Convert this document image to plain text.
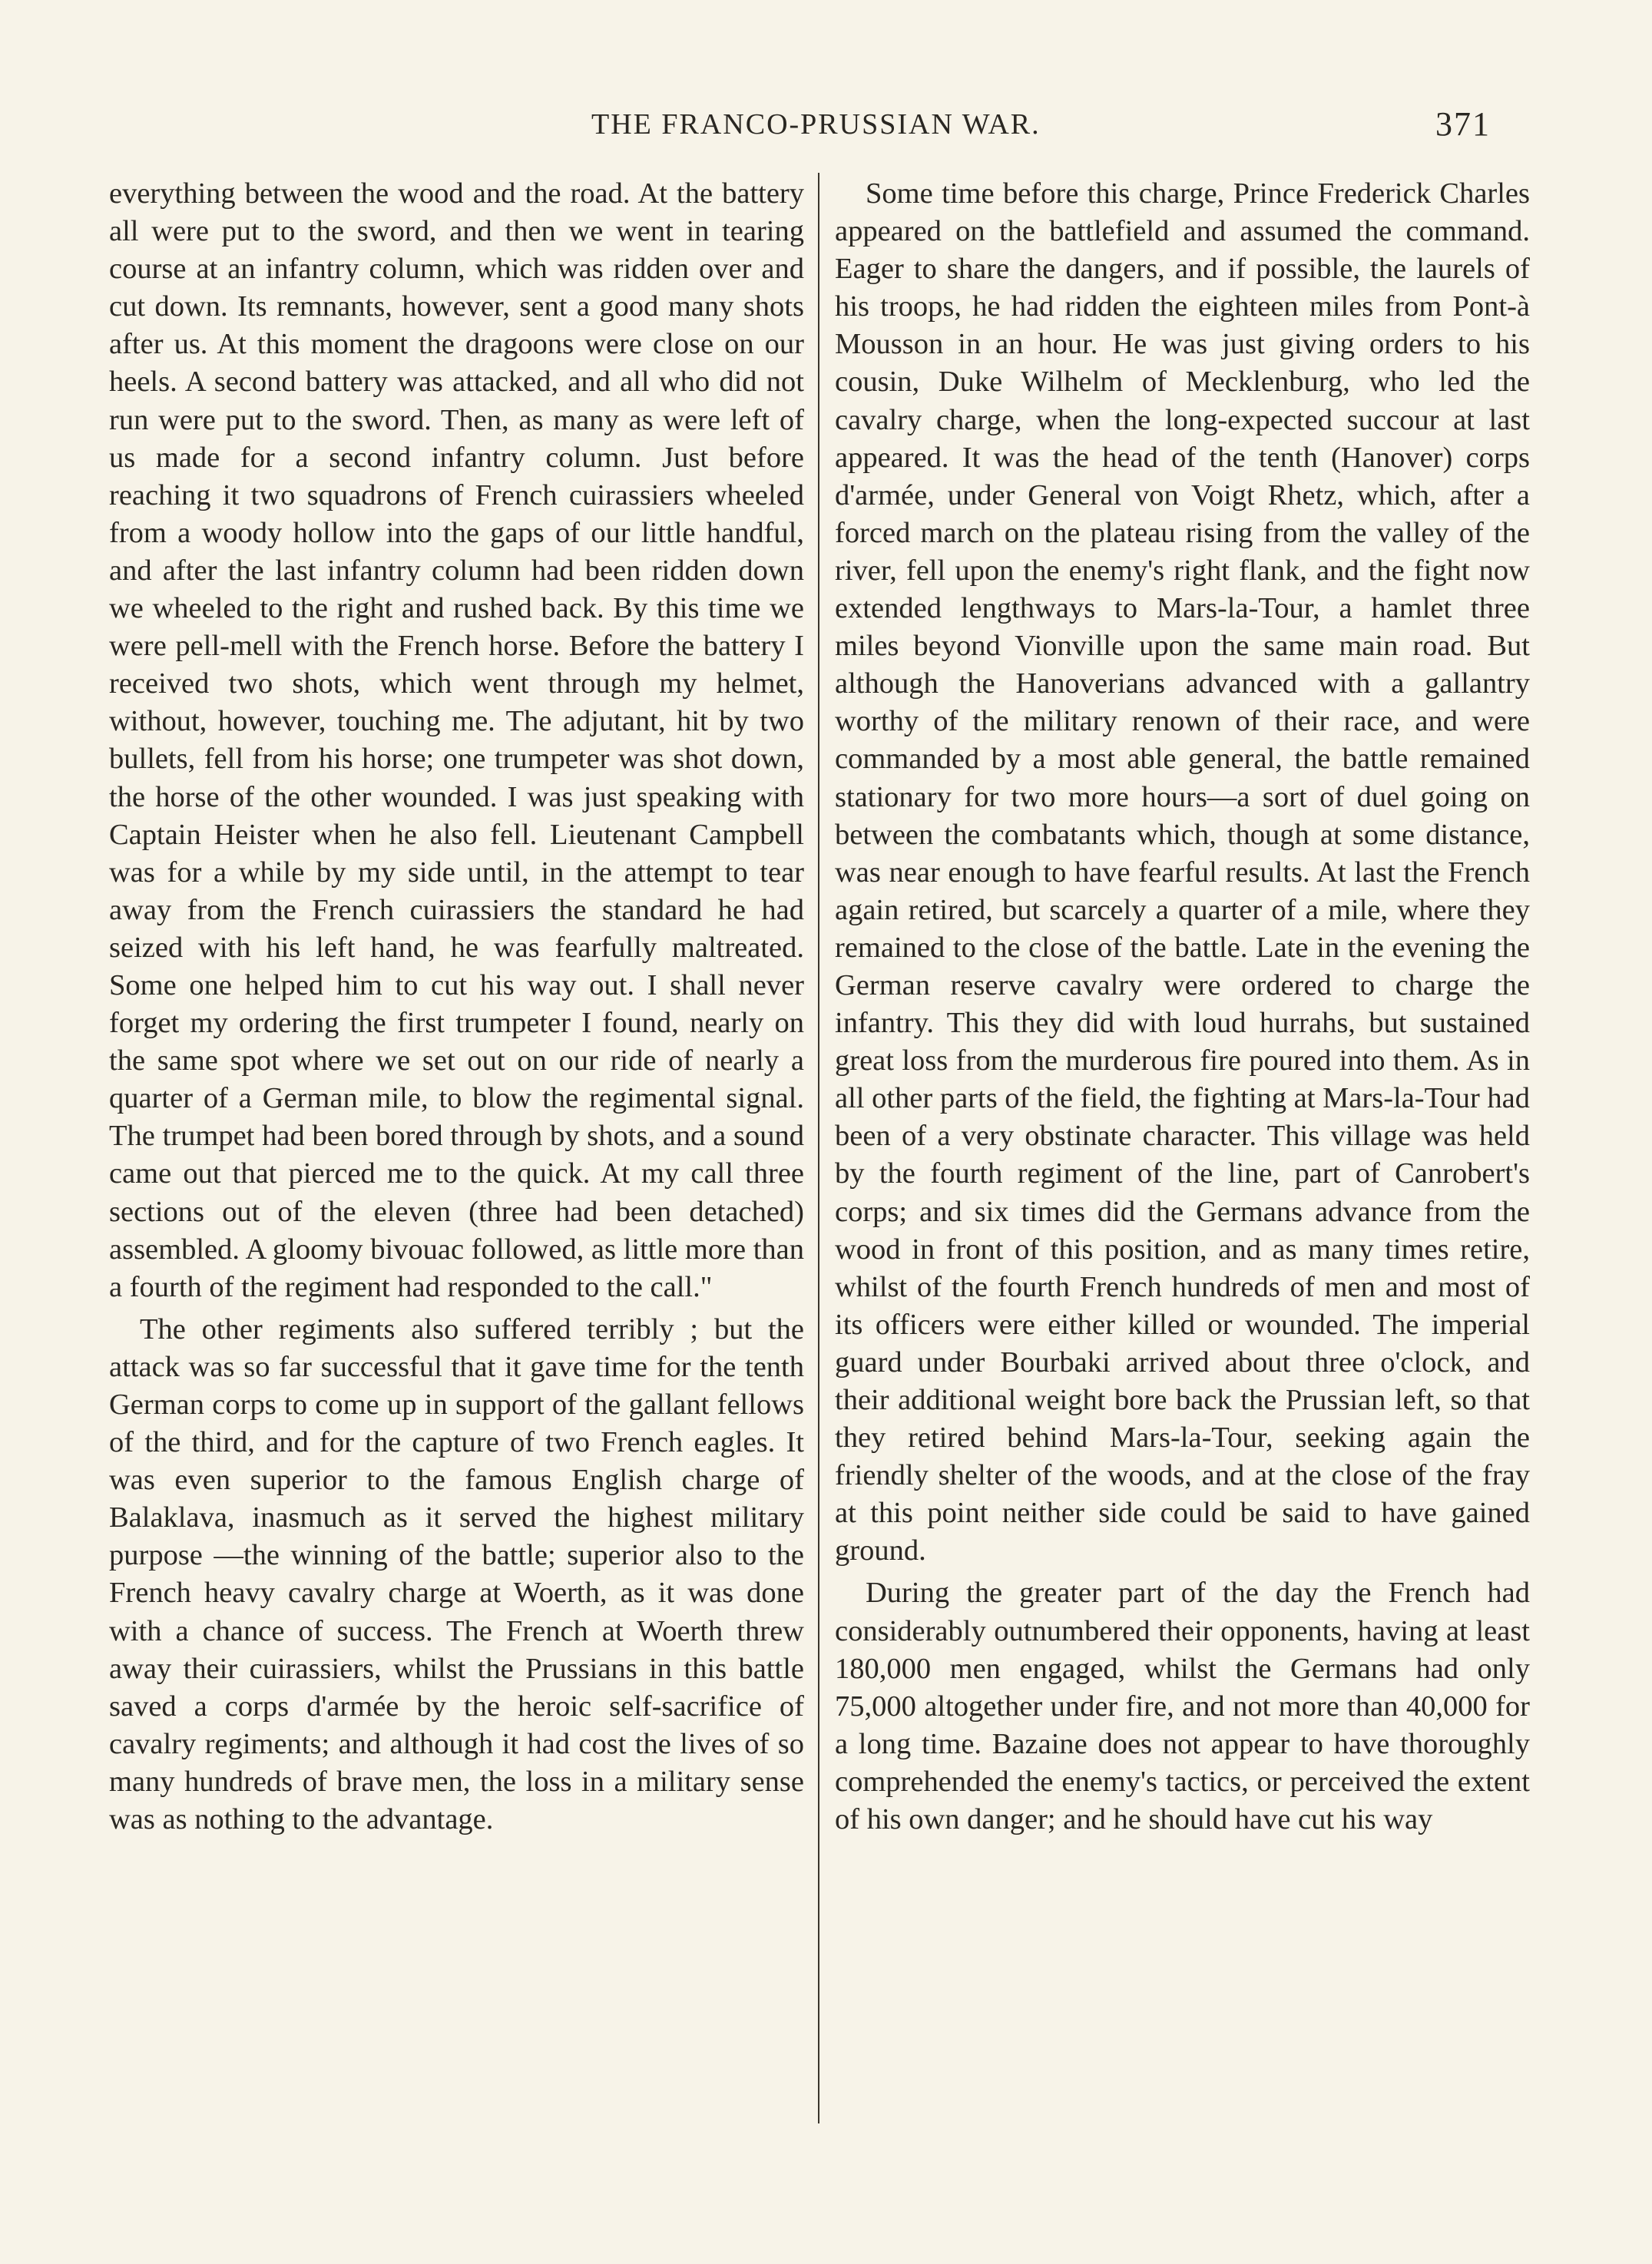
THE FRANCO-PRUSSIAN WAR.	371

everything between the wood and the road. At the battery all were put to the sword, and then we went in tearing course at an infantry column, which was ridden over and cut down. Its remnants, however, sent a good many shots after us. At this moment the dragoons were close on our heels. A second battery was attacked, and all who did not run were put to the sword. Then, as many as were left of us made for a second infantry column. Just before reaching it two squadrons of French cuirassiers wheeled from a woody hollow into the gaps of our little handful, and after the last infantry column had been ridden down we wheeled to the right and rushed back. By this time we were pell-mell with the French horse. Before the battery I received two shots, which went through my helmet, without, however, touching me. The adjutant, hit by two bullets, fell from his horse; one trumpeter was shot down, the horse of the other wounded. I was just speaking with Captain Heister when he also fell. Lieutenant Campbell was for a while by my side until, in the attempt to tear away from the French cuirassiers the standard he had seized with his left hand, he was fearfully maltreated. Some one helped him to cut his way out. I shall never forget my ordering the first trumpeter I found, nearly on the same spot where we set out on our ride of nearly a quarter of a German mile, to blow the regimental signal. The trumpet had been bored through by shots, and a sound came out that pierced me to the quick. At my call three sections out of the eleven (three had been detached) assembled. A gloomy bivouac followed, as little more than a fourth of the regiment had responded to the call."

The other regiments also suffered terribly ; but the attack was so far successful that it gave time for the tenth German corps to come up in support of the gallant fellows of the third, and for the capture of two French eagles. It was even superior to the famous English charge of Balaklava, inasmuch as it served the highest military purpose —the winning of the battle; superior also to the French heavy cavalry charge at Woerth, as it was done with a chance of success. The French at Woerth threw away their cuirassiers, whilst the Prussians in this battle saved a corps d'armée by the heroic self-sacrifice of cavalry regiments; and although it had cost the lives of so many hundreds of brave men, the loss in a military sense was as nothing to the advantage.

Some time before this charge, Prince Frederick Charles appeared on the battlefield and assumed the command. Eager to share the dangers, and if possible, the laurels of his troops, he had ridden the eighteen miles from Pont-à Mousson in an hour. He was just giving orders to his cousin, Duke Wilhelm of Mecklenburg, who led the cavalry charge, when the long-expected succour at last appeared. It was the head of the tenth (Hanover) corps d'armée, under General von Voigt Rhetz, which, after a forced march on the plateau rising from the valley of the river, fell upon the enemy's right flank, and the fight now extended lengthways to Mars-la-Tour, a hamlet three miles beyond Vionville upon the same main road. But although the Hanoverians advanced with a gallantry worthy of the military renown of their race, and were commanded by a most able general, the battle remained stationary for two more hours—a sort of duel going on between the combatants which, though at some distance, was near enough to have fearful results. At last the French again retired, but scarcely a quarter of a mile, where they remained to the close of the battle. Late in the evening the German reserve cavalry were ordered to charge the infantry. This they did with loud hurrahs, but sustained great loss from the murderous fire poured into them. As in all other parts of the field, the fighting at Mars-la-Tour had been of a very obstinate character. This village was held by the fourth regiment of the line, part of Canrobert's corps; and six times did the Germans advance from the wood in front of this position, and as many times retire, whilst of the fourth French hundreds of men and most of its officers were either killed or wounded. The imperial guard under Bourbaki arrived about three o'clock, and their additional weight bore back the Prussian left, so that they retired behind Mars-la-Tour, seeking again the friendly shelter of the woods, and at the close of the fray at this point neither side could be said to have gained ground.

During the greater part of the day the French had considerably outnumbered their opponents, having at least 180,000 men engaged, whilst the Germans had only 75,000 altogether under fire, and not more than 40,000 for a long time. Bazaine does not appear to have thoroughly comprehended the enemy's tactics, or perceived the extent of his own danger; and he should have cut his way
